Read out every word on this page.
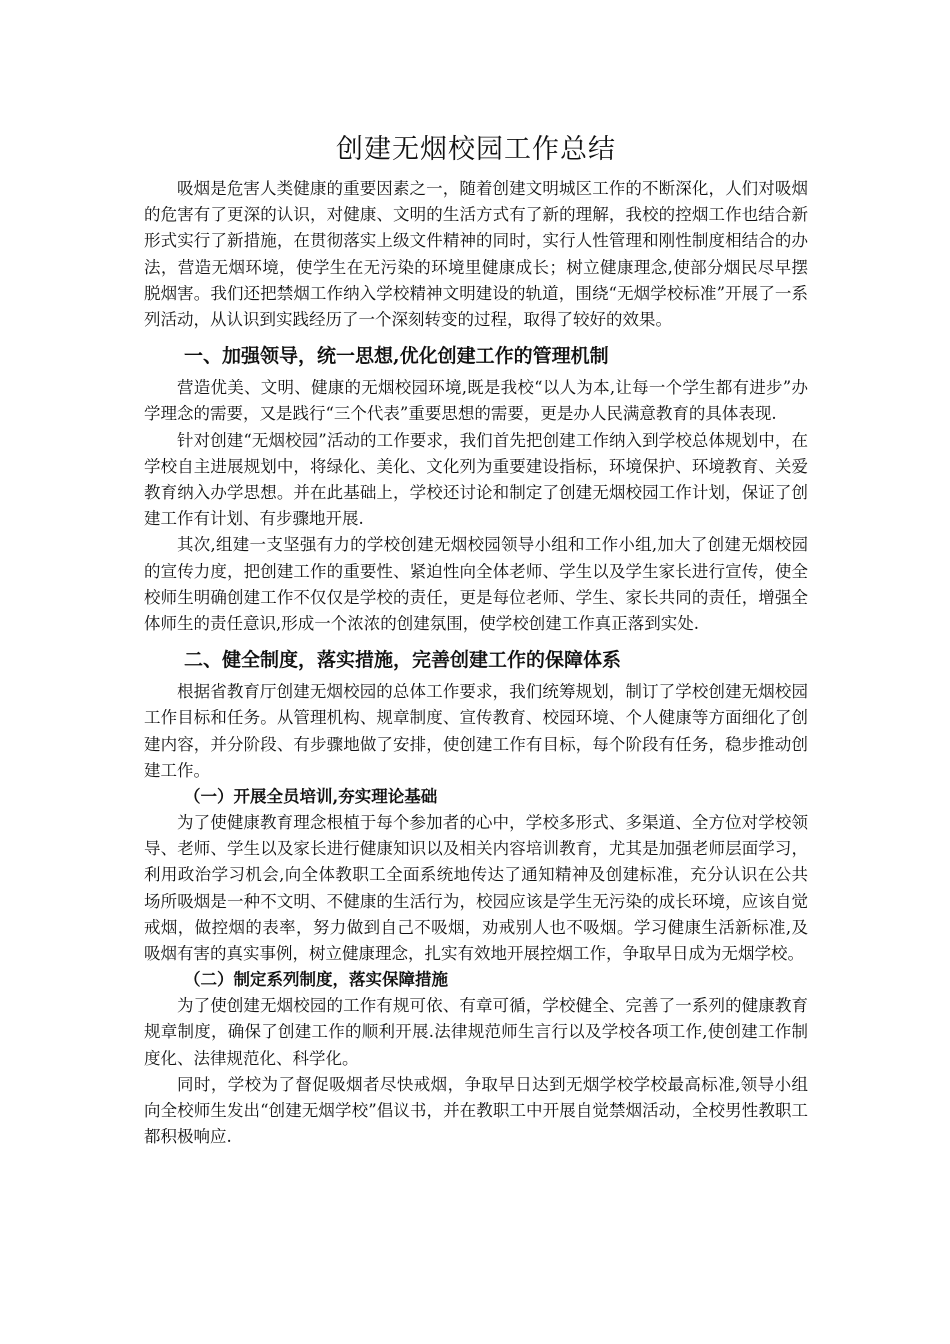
创建无烟校园工作总结

吸烟是危害人类健康的重要因素之一，随着创建文明城区工作的不断深化，人们对吸烟的危害有了更深的认识，对健康、文明的生活方式有了新的理解，我校的控烟工作也结合新形式实行了新措施，在贯彻落实上级文件精神的同时，实行人性管理和刚性制度相结合的办法，营造无烟环境，使学生在无污染的环境里健康成长；树立健康理念,使部分烟民尽早摆脱烟害。我们还把禁烟工作纳入学校精神文明建设的轨道，围绕“无烟学校标准”开展了一系列活动，从认识到实践经历了一个深刻转变的过程，取得了较好的效果。

一、加强领导，统一思想,优化创建工作的管理机制

营造优美、文明、健康的无烟校园环境,既是我校“以人为本,让每一个学生都有进步”办学理念的需要，又是践行“三个代表”重要思想的需要，更是办人民满意教育的具体表现.

针对创建“无烟校园”活动的工作要求，我们首先把创建工作纳入到学校总体规划中，在学校自主进展规划中，将绿化、美化、文化列为重要建设指标，环境保护、环境教育、关爱教育纳入办学思想。并在此基础上，学校还讨论和制定了创建无烟校园工作计划，保证了创建工作有计划、有步骤地开展.

其次,组建一支坚强有力的学校创建无烟校园领导小组和工作小组,加大了创建无烟校园的宣传力度，把创建工作的重要性、紧迫性向全体老师、学生以及学生家长进行宣传，使全校师生明确创建工作不仅仅是学校的责任，更是每位老师、学生、家长共同的责任，增强全体师生的责任意识,形成一个浓浓的创建氛围，使学校创建工作真正落到实处.

二、健全制度，落实措施，完善创建工作的保障体系

根据省教育厅创建无烟校园的总体工作要求，我们统筹规划，制订了学校创建无烟校园工作目标和任务。从管理机构、规章制度、宣传教育、校园环境、个人健康等方面细化了创建内容，并分阶段、有步骤地做了安排，使创建工作有目标，每个阶段有任务，稳步推动创建工作。

（一）开展全员培训,夯实理论基础

为了使健康教育理念根植于每个参加者的心中，学校多形式、多渠道、全方位对学校领导、老师、学生以及家长进行健康知识以及相关内容培训教育，尤其是加强老师层面学习，利用政治学习机会,向全体教职工全面系统地传达了通知精神及创建标准，充分认识在公共场所吸烟是一种不文明、不健康的生活行为，校园应该是学生无污染的成长环境，应该自觉戒烟，做控烟的表率，努力做到自己不吸烟，劝戒别人也不吸烟。学习健康生活新标准,及吸烟有害的真实事例，树立健康理念，扎实有效地开展控烟工作，争取早日成为无烟学校。

（二）制定系列制度，落实保障措施

为了使创建无烟校园的工作有规可依、有章可循，学校健全、完善了一系列的健康教育规章制度，确保了创建工作的顺利开展.法律规范师生言行以及学校各项工作,使创建工作制度化、法律规范化、科学化。

同时，学校为了督促吸烟者尽快戒烟，争取早日达到无烟学校学校最高标准,领导小组向全校师生发出“创建无烟学校”倡议书，并在教职工中开展自觉禁烟活动，全校男性教职工都积极响应.
